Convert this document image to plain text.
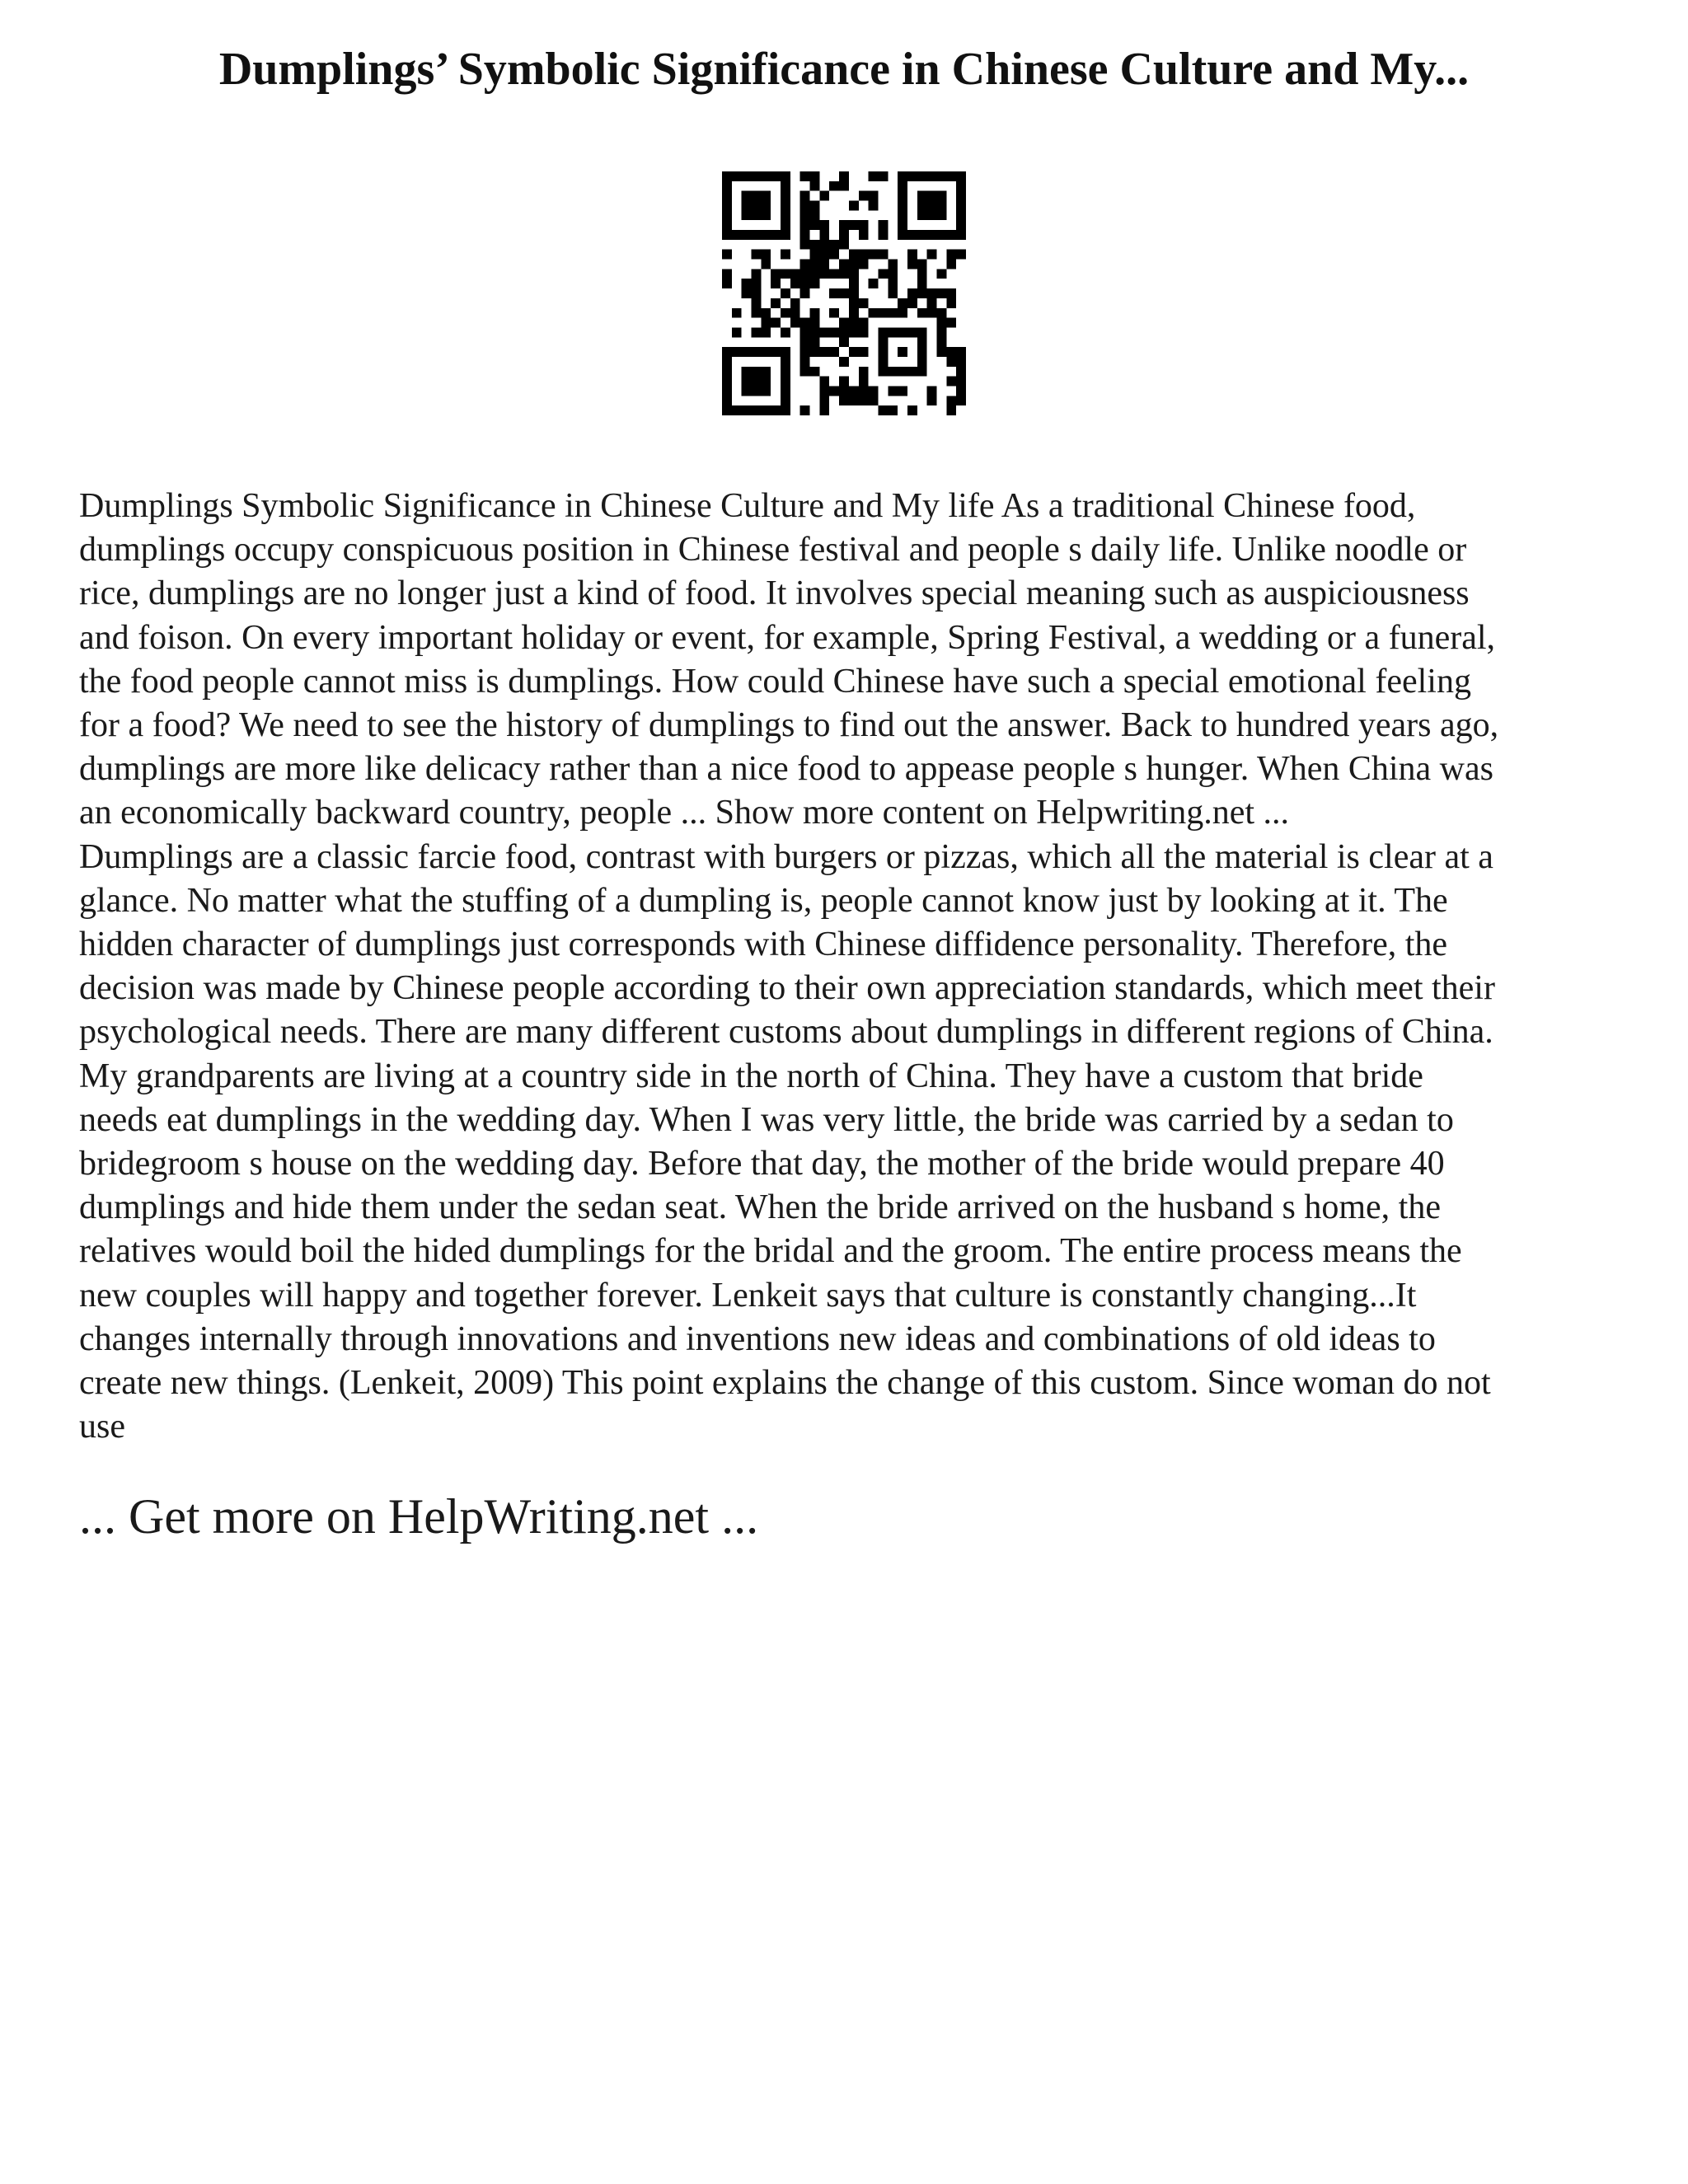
Dumplings’ Symbolic Significance in Chinese Culture and My...
Dumplings Symbolic Significance in Chinese Culture and My life As a traditional Chinese food,
dumplings occupy conspicuous position in Chinese festival and people s daily life. Unlike noodle or
rice, dumplings are no longer just a kind of food. It involves special meaning such as auspiciousness
and foison. On every important holiday or event, for example, Spring Festival, a wedding or a funeral,
the food people cannot miss is dumplings. How could Chinese have such a special emotional feeling
for a food? We need to see the history of dumplings to find out the answer. Back to hundred years ago,
dumplings are more like delicacy rather than a nice food to appease people s hunger. When China was
an economically backward country, people ... Show more content on Helpwriting.net ...
Dumplings are a classic farcie food, contrast with burgers or pizzas, which all the material is clear at a
glance. No matter what the stuffing of a dumpling is, people cannot know just by looking at it. The
hidden character of dumplings just corresponds with Chinese diffidence personality. Therefore, the
decision was made by Chinese people according to their own appreciation standards, which meet their
psychological needs. There are many different customs about dumplings in different regions of China.
My grandparents are living at a country side in the north of China. They have a custom that bride
needs eat dumplings in the wedding day. When I was very little, the bride was carried by a sedan to
bridegroom s house on the wedding day. Before that day, the mother of the bride would prepare 40
dumplings and hide them under the sedan seat. When the bride arrived on the husband s home, the
relatives would boil the hided dumplings for the bridal and the groom. The entire process means the
new couples will happy and together forever. Lenkeit says that culture is constantly changing...It
changes internally through innovations and inventions new ideas and combinations of old ideas to
create new things. (Lenkeit, 2009) This point explains the change of this custom. Since woman do not
use

... Get more on HelpWriting.net ...
